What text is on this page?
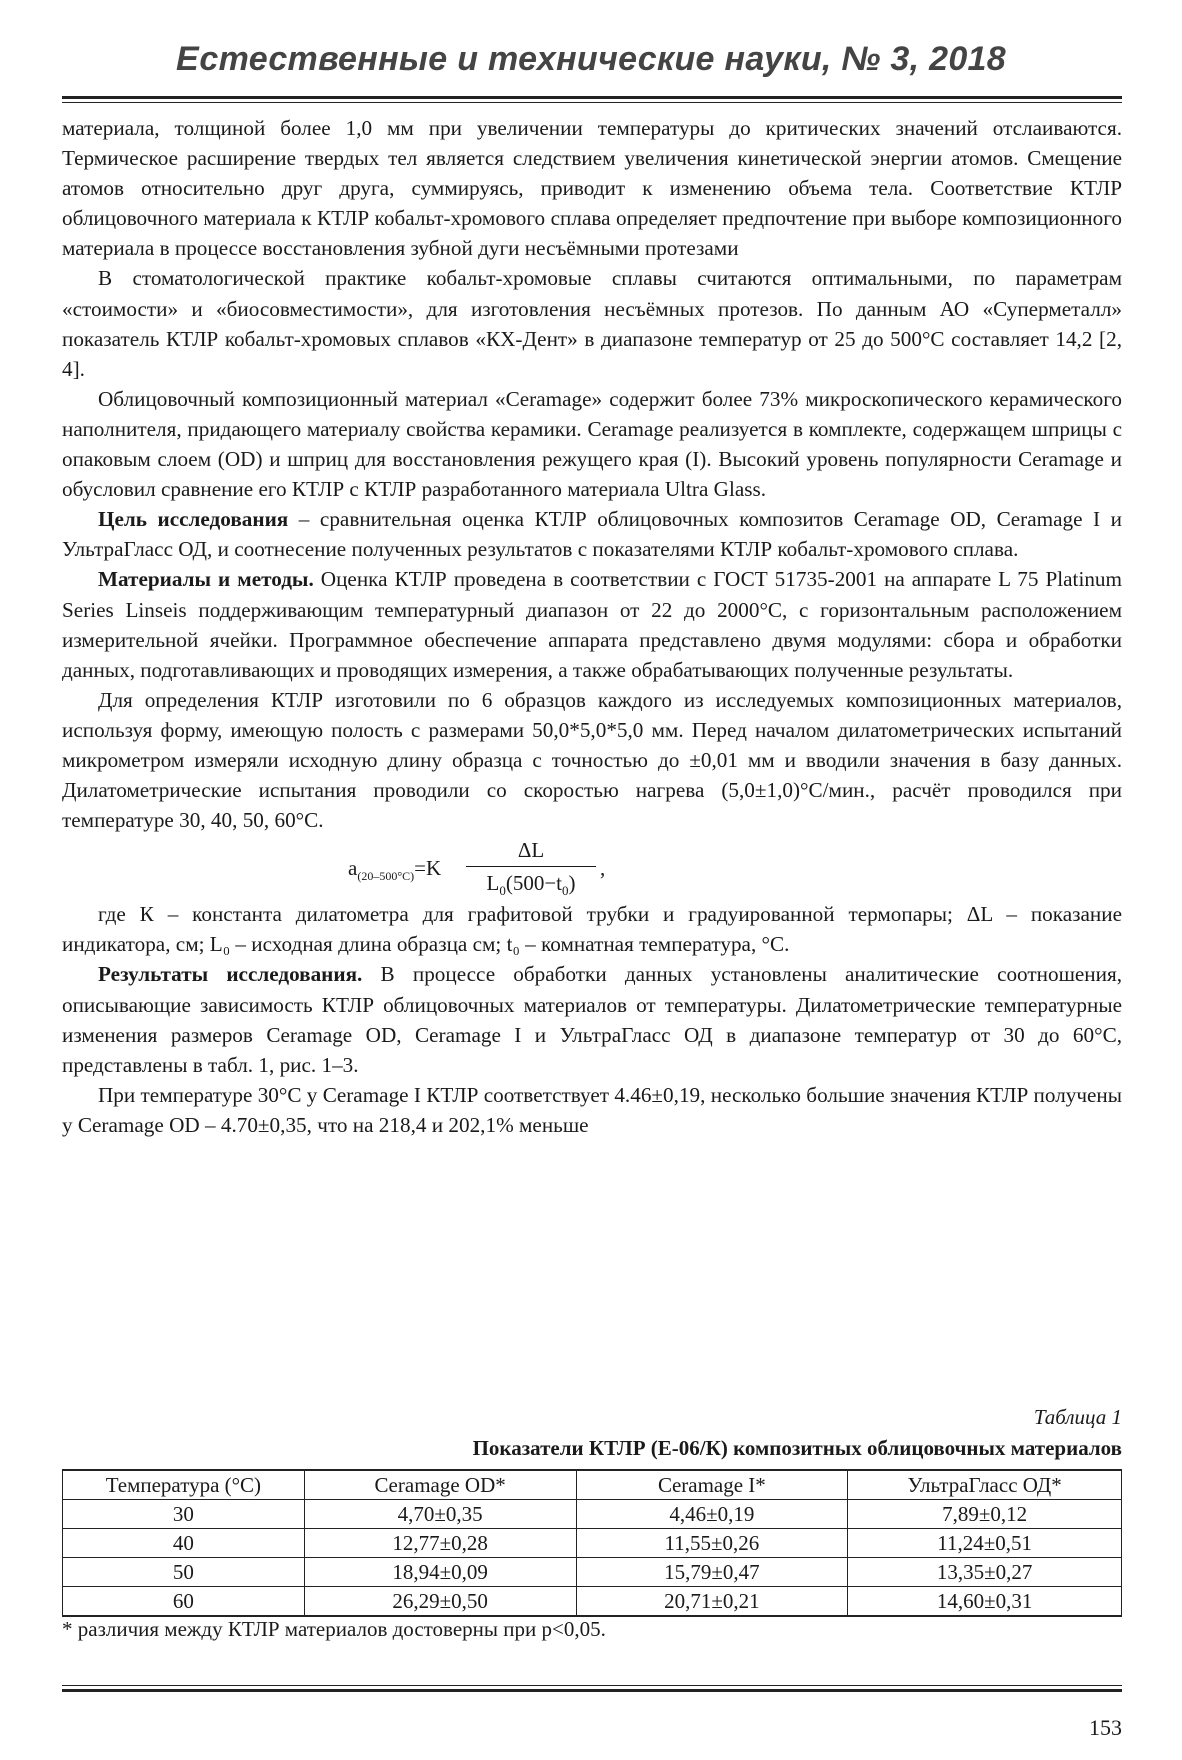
Естественные и технические науки, № 3, 2018

материала, толщиной более 1,0 мм при увеличении температуры до критических значений отслаиваются. Термическое расширение твердых тел является следствием увеличения кинетической энергии атомов. Смещение атомов относительно друг друга, суммируясь, приводит к изменению объема тела. Соответствие КТЛР облицовочного материала к КТЛР кобальт-хромового сплава определяет предпочтение при выборе композиционного материала в процессе восстановления зубной дуги несъёмными протезами

В стоматологической практике кобальт-хромовые сплавы считаются оптимальными, по параметрам «стоимости» и «биосовместимости», для изготовления несъёмных протезов. По данным АО «Суперметалл» показатель КТЛР кобальт-хромовых сплавов «КХ-Дент» в диапазоне температур от 25 до 500°С составляет 14,2 [2, 4].

Облицовочный композиционный материал «Ceramage» содержит более 73% микроскопического керамического наполнителя, придающего материалу свойства керамики. Ceramage реализуется в комплекте, содержащем шприцы с опаковым слоем (OD) и шприц для восстановления режущего края (I). Высокий уровень популярности Ceramage и обусловил сравнение его КТЛР с КТЛР разработанного материала Ultra Glass.

Цель исследования – сравнительная оценка КТЛР облицовочных композитов Ceramage OD, Ceramage I и УльтраГласс ОД, и соотнесение полученных результатов с показателями КТЛР кобальт-хромового сплава.

Материалы и методы. Оценка КТЛР проведена в соответствии с ГОСТ 51735-2001 на аппарате L 75 Platinum Series Linseis поддерживающим температурный диапазон от 22 до 2000°С, с горизонтальным расположением измерительной ячейки. Программное обеспечение аппарата представлено двумя модулями: сбора и обработки данных, подготавливающих и проводящих измерения, а также обрабатывающих полученные результаты.

Для определения КТЛР изготовили по 6 образцов каждого из исследуемых композиционных материалов, используя форму, имеющую полость с размерами 50,0*5,0*5,0 мм. Перед началом дилатометрических испытаний микрометром измеряли исходную длину образца с точностью до ±0,01 мм и вводили значения в базу данных. Дилатометрические испытания проводили со скоростью нагрева (5,0±1,0)°С/мин., расчёт проводился при температуре 30, 40, 50, 60°С.

$a_{(20-500^\circ С)}=K \frac{\Delta L}{L_0(500-t_0)}$ ,

где К – константа дилатометра для графитовой трубки и градуированной термопары; ΔL – показание индикатора, см; L₀ – исходная длина образца см; t₀ – комнатная температура, °С.

Результаты исследования. В процессе обработки данных установлены аналитические соотношения, описывающие зависимость КТЛР облицовочных материалов от температуры. Дилатометрические температурные изменения размеров Ceramage OD, Ceramage I и УльтраГласс ОД в диапазоне температур от 30 до 60°С, представлены в табл. 1, рис. 1–3.

При температуре 30°С у Ceramage I КТЛР соответствует 4.46±0,19, несколько большие значения КТЛР получены у Ceramage OD – 4.70±0,35, что на 218,4 и 202,1% меньше

Таблица 1
Показатели КТЛР (Е-06/К) композитных облицовочных материалов
Температура (°С)	Ceramage OD*	Ceramage I*	УльтраГласс ОД*
30	4,70±0,35	4,46±0,19	7,89±0,12
40	12,77±0,28	11,55±0,26	11,24±0,51
50	18,94±0,09	15,79±0,47	13,35±0,27
60	26,29±0,50	20,71±0,21	14,60±0,31
* различия между КТЛР материалов достоверны при p<0,05.
153
